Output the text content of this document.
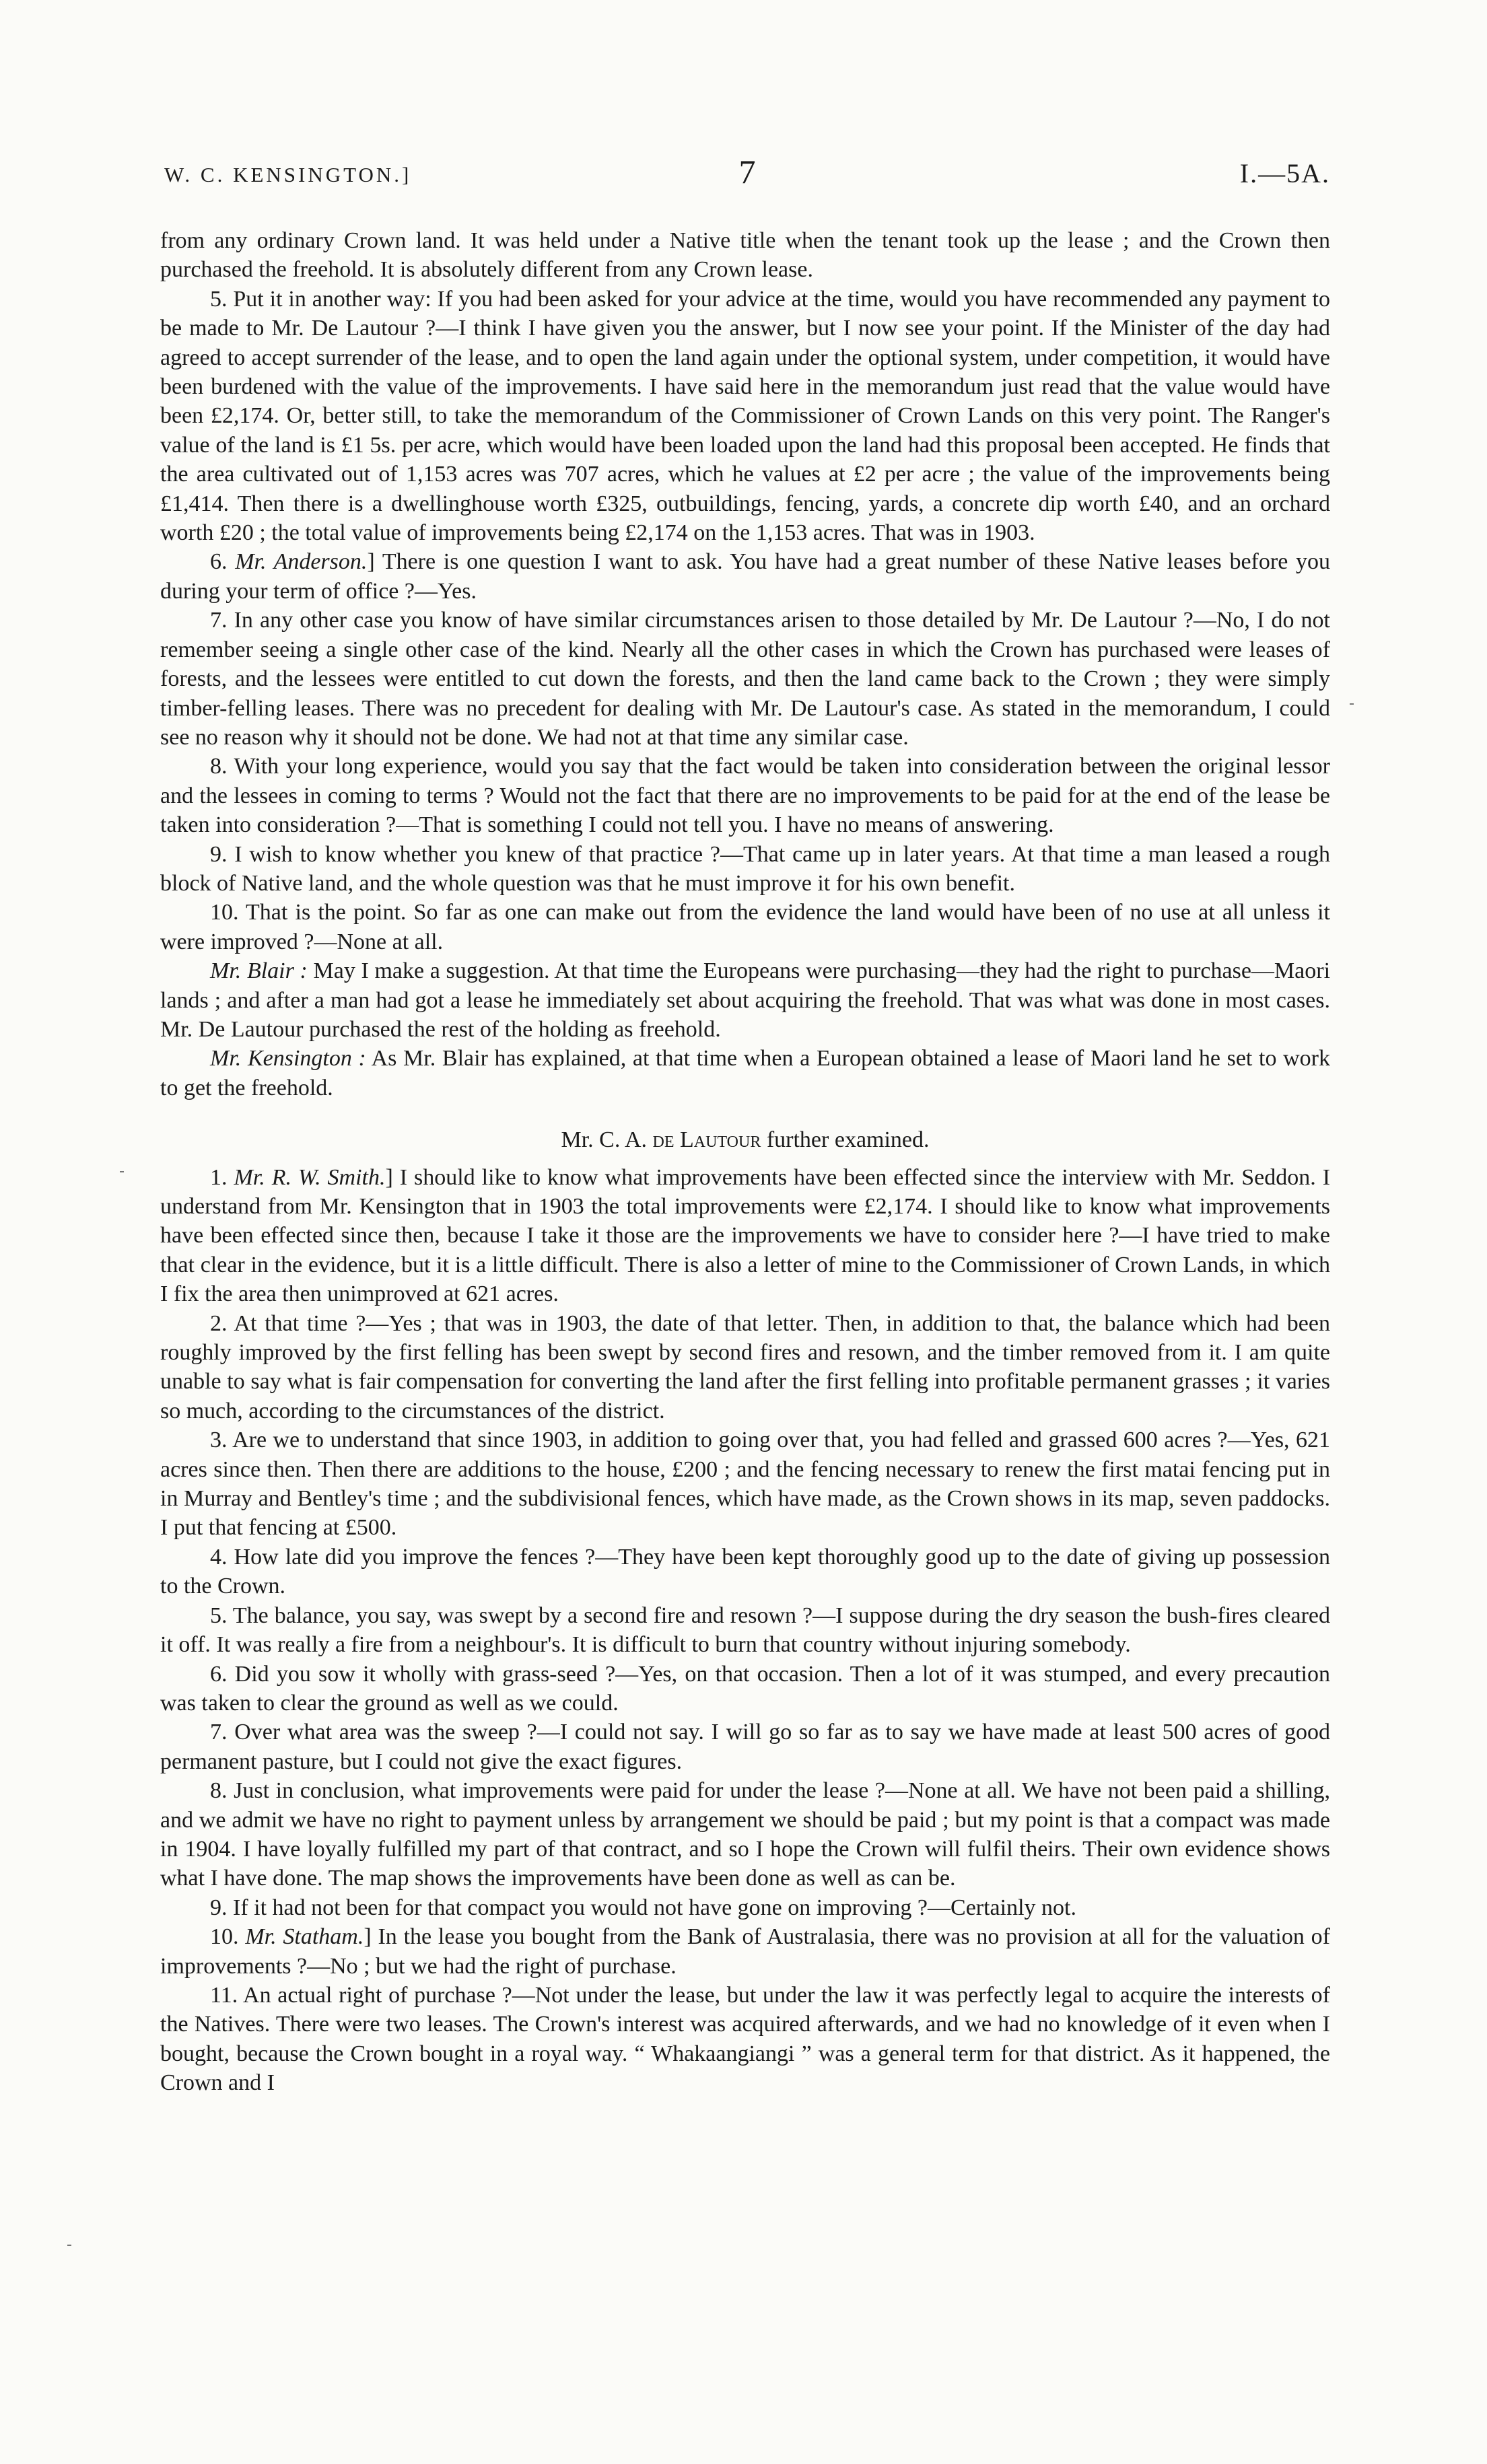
W. C. KENSINGTON.]	7	I.—5A.

from any ordinary Crown land. It was held under a Native title when the tenant took up the lease ; and the Crown then purchased the freehold. It is absolutely different from any Crown lease.

5. Put it in another way: If you had been asked for your advice at the time, would you have recommended any payment to be made to Mr. De Lautour ?—I think I have given you the answer, but I now see your point. If the Minister of the day had agreed to accept surrender of the lease, and to open the land again under the optional system, under competition, it would have been burdened with the value of the improvements. I have said here in the memorandum just read that the value would have been £2,174. Or, better still, to take the memorandum of the Commissioner of Crown Lands on this very point. The Ranger's value of the land is £1 5s. per acre, which would have been loaded upon the land had this proposal been accepted. He finds that the area cultivated out of 1,153 acres was 707 acres, which he values at £2 per acre ; the value of the improvements being £1,414. Then there is a dwellinghouse worth £325, outbuildings, fencing, yards, a concrete dip worth £40, and an orchard worth £20 ; the total value of improvements being £2,174 on the 1,153 acres. That was in 1903.

6. Mr. Anderson.] There is one question I want to ask. You have had a great number of these Native leases before you during your term of office ?—Yes.

7. In any other case you know of have similar circumstances arisen to those detailed by Mr. De Lautour ?—No, I do not remember seeing a single other case of the kind. Nearly all the other cases in which the Crown has purchased were leases of forests, and the lessees were entitled to cut down the forests, and then the land came back to the Crown ; they were simply timber-felling leases. There was no precedent for dealing with Mr. De Lautour's case. As stated in the memorandum, I could see no reason why it should not be done. We had not at that time any similar case.

8. With your long experience, would you say that the fact would be taken into consideration between the original lessor and the lessees in coming to terms ? Would not the fact that there are no improvements to be paid for at the end of the lease be taken into consideration ?—That is something I could not tell you. I have no means of answering.

9. I wish to know whether you knew of that practice ?—That came up in later years. At that time a man leased a rough block of Native land, and the whole question was that he must improve it for his own benefit.

10. That is the point. So far as one can make out from the evidence the land would have been of no use at all unless it were improved ?—None at all.

Mr. Blair : May I make a suggestion. At that time the Europeans were purchasing—they had the right to purchase—Maori lands ; and after a man had got a lease he immediately set about acquiring the freehold. That was what was done in most cases. Mr. De Lautour purchased the rest of the holding as freehold.

Mr. Kensington : As Mr. Blair has explained, at that time when a European obtained a lease of Maori land he set to work to get the freehold.

Mr. C. A. de Lautour further examined.

1. Mr. R. W. Smith.] I should like to know what improvements have been effected since the interview with Mr. Seddon. I understand from Mr. Kensington that in 1903 the total improvements were £2,174. I should like to know what improvements have been effected since then, because I take it those are the improvements we have to consider here ?—I have tried to make that clear in the evidence, but it is a little difficult. There is also a letter of mine to the Commissioner of Crown Lands, in which I fix the area then unimproved at 621 acres.

2. At that time ?—Yes ; that was in 1903, the date of that letter. Then, in addition to that, the balance which had been roughly improved by the first felling has been swept by second fires and resown, and the timber removed from it. I am quite unable to say what is fair compensation for converting the land after the first felling into profitable permanent grasses ; it varies so much, according to the circumstances of the district.

3. Are we to understand that since 1903, in addition to going over that, you had felled and grassed 600 acres ?—Yes, 621 acres since then. Then there are additions to the house, £200 ; and the fencing necessary to renew the first matai fencing put in in Murray and Bentley's time ; and the subdivisional fences, which have made, as the Crown shows in its map, seven paddocks. I put that fencing at £500.

4. How late did you improve the fences ?—They have been kept thoroughly good up to the date of giving up possession to the Crown.

5. The balance, you say, was swept by a second fire and resown ?—I suppose during the dry season the bush-fires cleared it off. It was really a fire from a neighbour's. It is difficult to burn that country without injuring somebody.

6. Did you sow it wholly with grass-seed ?—Yes, on that occasion. Then a lot of it was stumped, and every precaution was taken to clear the ground as well as we could.

7. Over what area was the sweep ?—I could not say. I will go so far as to say we have made at least 500 acres of good permanent pasture, but I could not give the exact figures.

8. Just in conclusion, what improvements were paid for under the lease ?—None at all. We have not been paid a shilling, and we admit we have no right to payment unless by arrangement we should be paid ; but my point is that a compact was made in 1904. I have loyally fulfilled my part of that contract, and so I hope the Crown will fulfil theirs. Their own evidence shows what I have done. The map shows the improvements have been done as well as can be.

9. If it had not been for that compact you would not have gone on improving ?—Certainly not.

10. Mr. Statham.] In the lease you bought from the Bank of Australasia, there was no provision at all for the valuation of improvements ?—No ; but we had the right of purchase.

11. An actual right of purchase ?—Not under the lease, but under the law it was perfectly legal to acquire the interests of the Natives. There were two leases. The Crown's interest was acquired afterwards, and we had no knowledge of it even when I bought, because the Crown bought in a royal way. “ Whakaangiangi ” was a general term for that district. As it happened, the Crown and I
